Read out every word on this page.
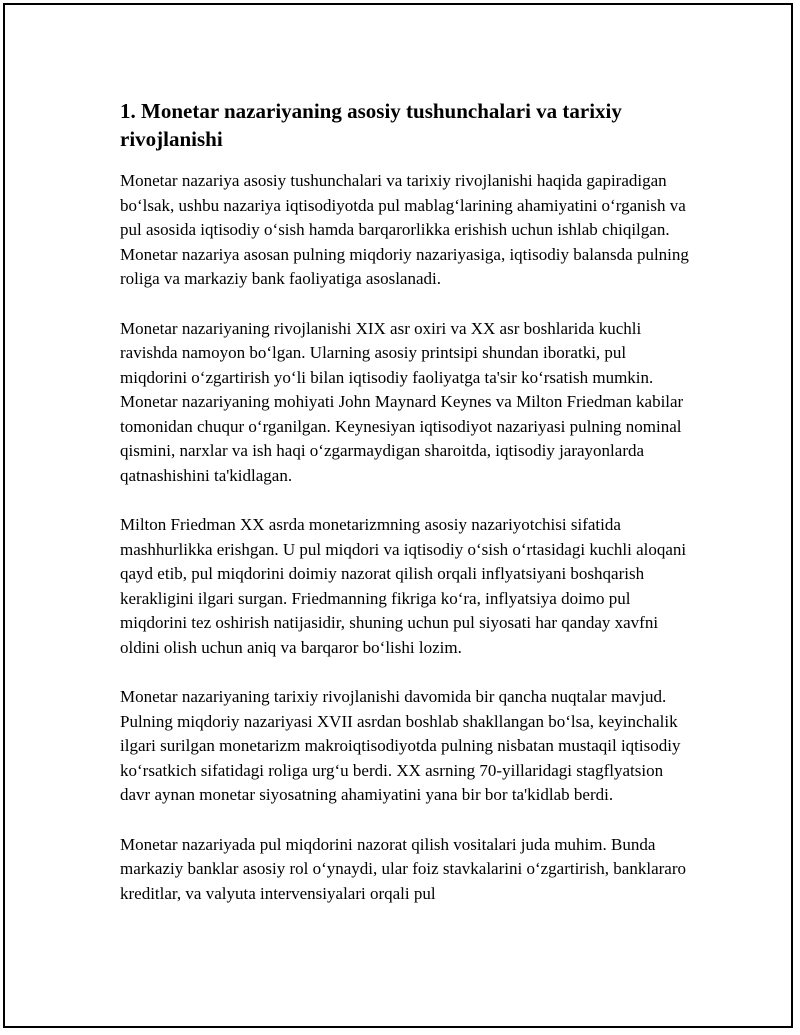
1. Monetar nazariyaning asosiy tushunchalari va tarixiy rivojlanishi

Monetar nazariya asosiy tushunchalari va tarixiy rivojlanishi haqida gapiradigan bo‘lsak, ushbu nazariya iqtisodiyotda pul mablag‘larining ahamiyatini o‘rganish va pul asosida iqtisodiy o‘sish hamda barqarorlikka erishish uchun ishlab chiqilgan. Monetar nazariya asosan pulning miqdoriy nazariyasiga, iqtisodiy balansda pulning roliga va markaziy bank faoliyatiga asoslanadi.

Monetar nazariyaning rivojlanishi XIX asr oxiri va XX asr boshlarida kuchli ravishda namoyon bo‘lgan. Ularning asosiy printsipi shundan iboratki, pul miqdorini o‘zgartirish yo‘li bilan iqtisodiy faoliyatga ta'sir ko‘rsatish mumkin. Monetar nazariyaning mohiyati John Maynard Keynes va Milton Friedman kabilar tomonidan chuqur o‘rganilgan. Keynesiyan iqtisodiyot nazariyasi pulning nominal qismini, narxlar va ish haqi o‘zgarmaydigan sharoitda, iqtisodiy jarayonlarda qatnashishini ta'kidlagan.

Milton Friedman XX asrda monetarizmning asosiy nazariyotchisi sifatida mashhurlikka erishgan. U pul miqdori va iqtisodiy o‘sish o‘rtasidagi kuchli aloqani qayd etib, pul miqdorini doimiy nazorat qilish orqali inflyatsiyani boshqarish kerakligini ilgari surgan. Friedmanning fikriga ko‘ra, inflyatsiya doimo pul miqdorini tez oshirish natijasidir, shuning uchun pul siyosati har qanday xavfni oldini olish uchun aniq va barqaror bo‘lishi lozim.

Monetar nazariyaning tarixiy rivojlanishi davomida bir qancha nuqtalar mavjud. Pulning miqdoriy nazariyasi XVII asrdan boshlab shakllangan bo‘lsa, keyinchalik ilgari surilgan monetarizm makroiqtisodiyotda pulning nisbatan mustaqil iqtisodiy ko‘rsatkich sifatidagi roliga urg‘u berdi. XX asrning 70-yillaridagi stagflyatsion davr aynan monetar siyosatning ahamiyatini yana bir bor ta'kidlab berdi.

Monetar nazariyada pul miqdorini nazorat qilish vositalari juda muhim. Bunda markaziy banklar asosiy rol o‘ynaydi, ular foiz stavkalarini o‘zgartirish, banklararo kreditlar, va valyuta intervensiyalari orqali pul
